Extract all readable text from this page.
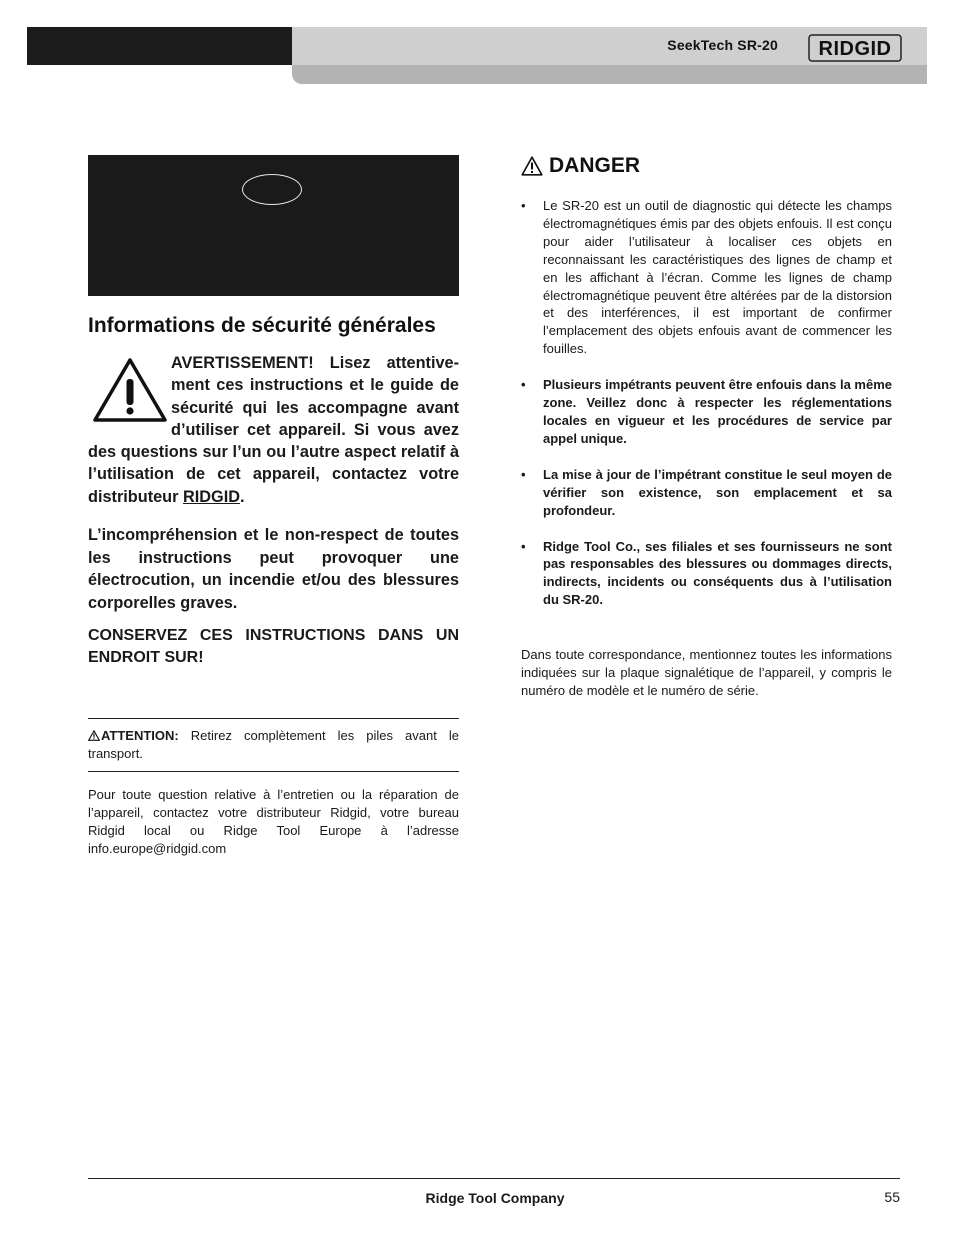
SeekTech SR-20 RIDGID
Informations de sécurité générales

AVERTISSEMENT! Lisez attentivement ces instructions et le guide de sécurité qui les accompagne avant d’utiliser cet appareil. Si vous avez des questions sur l’un ou l’autre aspect relatif à l’utilisation de cet appareil, contactez votre distributeur RIDGID.

L’incompréhension et le non-respect de toutes les instructions peut provoquer une électrocution, un incendie et/ou des blessures corporelles graves.

CONSERVEZ CES INSTRUCTIONS DANS UN ENDROIT SUR!

ATTENTION: Retirez complètement les piles avant le transport.

Pour toute question relative à l’entretien ou la réparation de l’appareil, contactez votre distributeur Ridgid, votre bureau Ridgid local ou Ridge Tool Europe à l’adresse info.europe@ridgid.com

DANGER
• Le SR-20 est un outil de diagnostic qui détecte les champs électromagnétiques émis par des objets enfouis. Il est conçu pour aider l’utilisateur à localiser ces objets en reconnaissant les caractéristiques des lignes de champ et en les affichant à l’écran. Comme les lignes de champ électromagnétique peuvent être altérées par de la distorsion et des interférences, il est important de confirmer l’emplacement des objets enfouis avant de commencer les fouilles.
• Plusieurs impétrants peuvent être enfouis dans la même zone. Veillez donc à respecter les réglementations locales en vigueur et les procédures de service par appel unique.
• La mise à jour de l’impétrant constitue le seul moyen de vérifier son existence, son emplacement et sa profondeur.
• Ridge Tool Co., ses filiales et ses fournisseurs ne sont pas responsables des blessures ou dommages directs, indirects, incidents ou conséquents dus à l’utilisation du SR-20.

Dans toute correspondance, mentionnez toutes les informations indiquées sur la plaque signalétique de l’appareil, y compris le numéro de modèle et le numéro de série.

Ridge Tool Company	55
